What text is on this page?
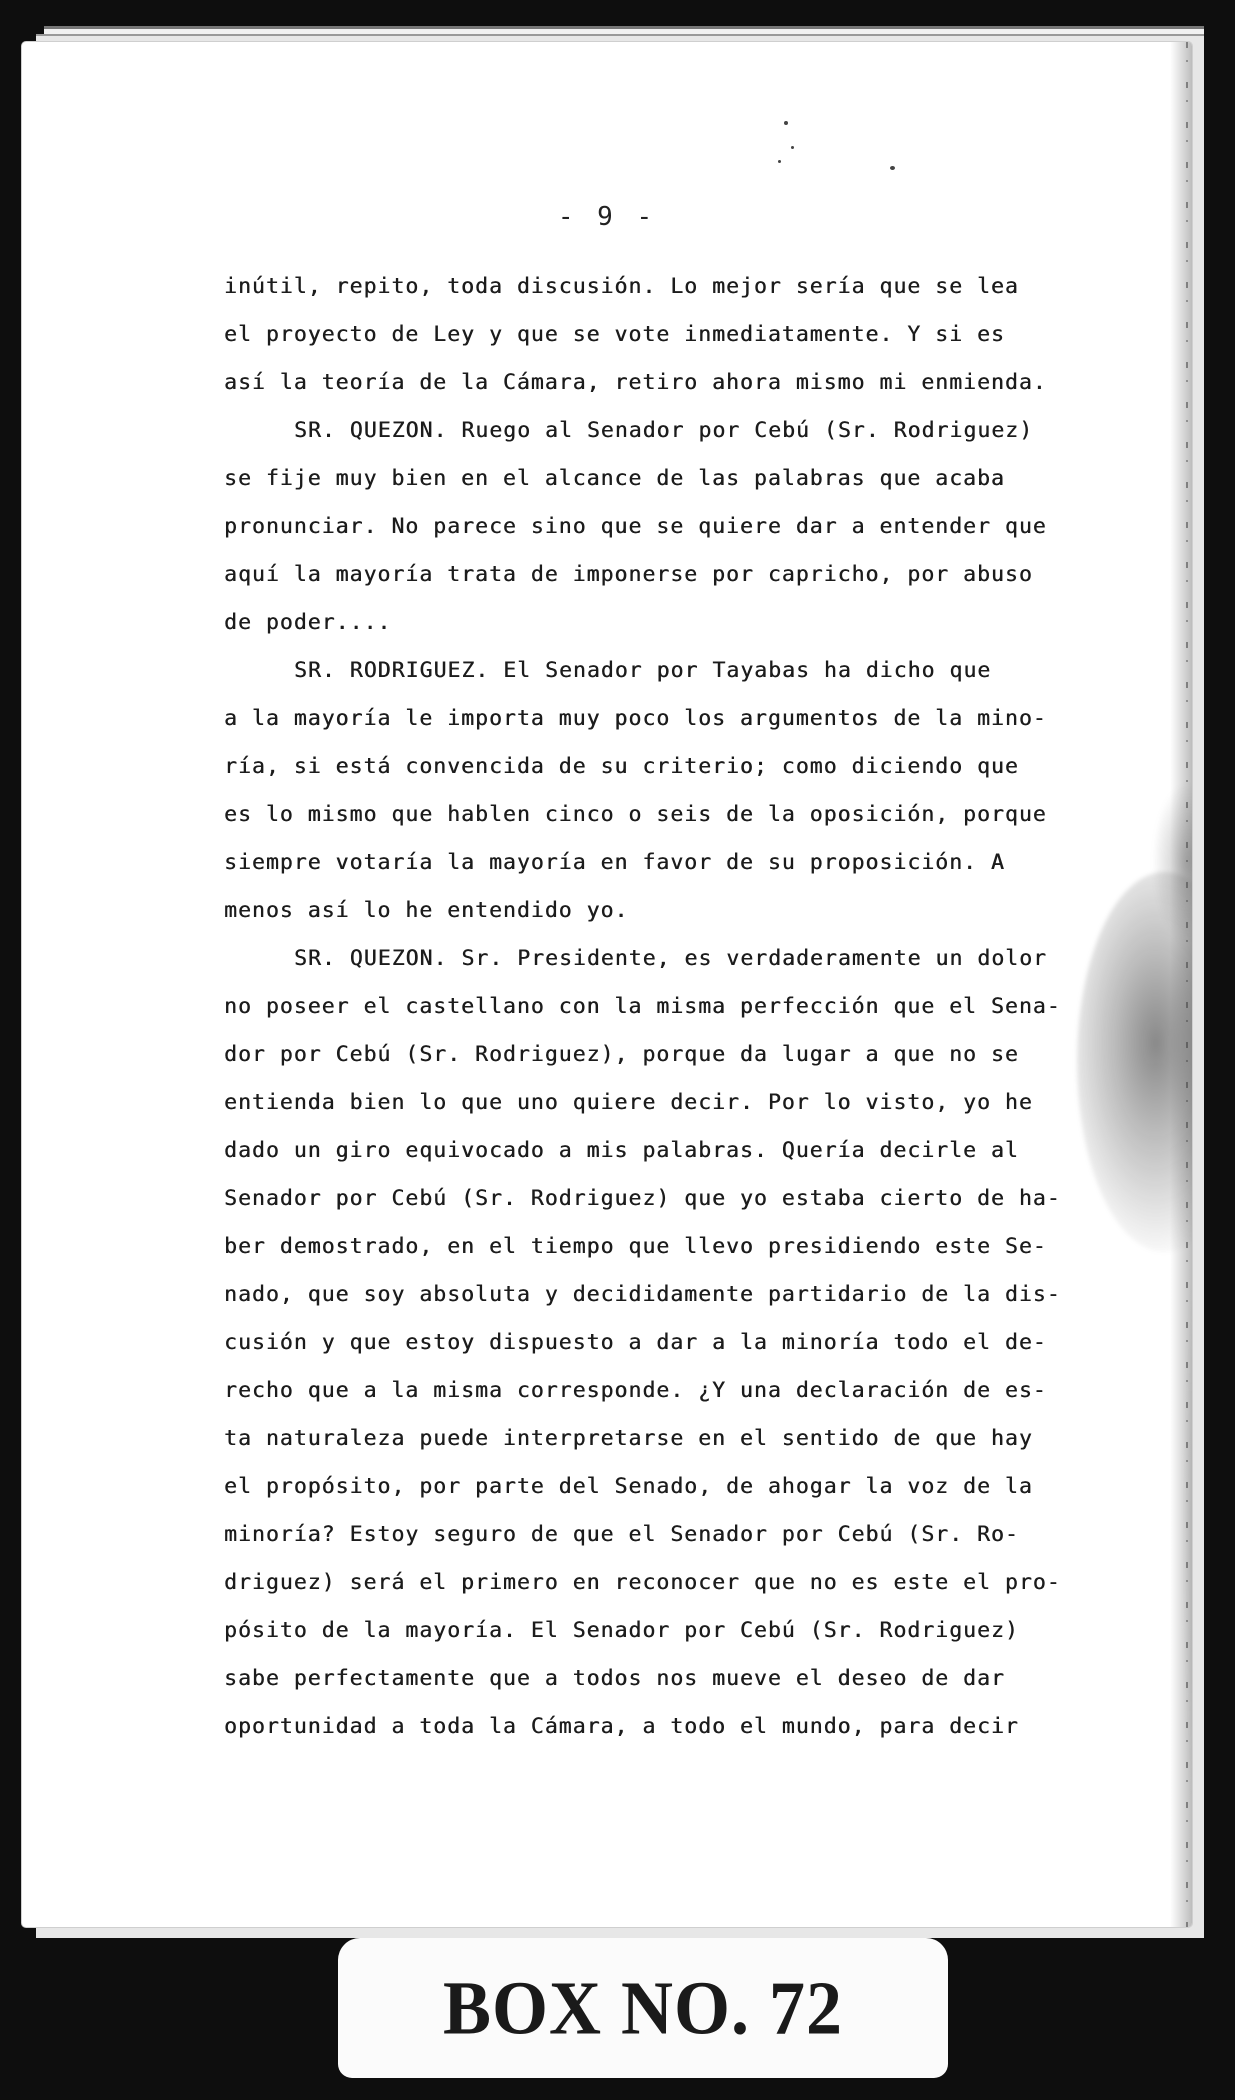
- 9 -
inútil, repito, toda discusión. Lo mejor sería que se lea
el proyecto de Ley y que se vote inmediatamente. Y si es
así la teoría de la Cámara, retiro ahora mismo mi enmienda.
SR. QUEZON. Ruego al Senador por Cebú (Sr. Rodriguez)
se fije muy bien en el alcance de las palabras que acaba
pronunciar. No parece sino que se quiere dar a entender que
aquí la mayoría trata de imponerse por capricho, por abuso
de poder....
SR. RODRIGUEZ. El Senador por Tayabas ha dicho que
a la mayoría le importa muy poco los argumentos de la mino-
ría, si está convencida de su criterio; como diciendo que
es lo mismo que hablen cinco o seis de la oposición, porque
siempre votaría la mayoría en favor de su proposición. A
menos así lo he entendido yo.
SR. QUEZON. Sr. Presidente, es verdaderamente un dolor
no poseer el castellano con la misma perfección que el Sena-
dor por Cebú (Sr. Rodriguez), porque da lugar a que no se
entienda bien lo que uno quiere decir. Por lo visto, yo he
dado un giro equivocado a mis palabras. Quería decirle al
Senador por Cebú (Sr. Rodriguez) que yo estaba cierto de ha-
ber demostrado, en el tiempo que llevo presidiendo este Se-
nado, que soy absoluta y decididamente partidario de la dis-
cusión y que estoy dispuesto a dar a la minoría todo el de-
recho que a la misma corresponde. ¿Y una declaración de es-
ta naturaleza puede interpretarse en el sentido de que hay
el propósito, por parte del Senado, de ahogar la voz de la
minoría? Estoy seguro de que el Senador por Cebú (Sr. Ro-
driguez) será el primero en reconocer que no es este el pro-
pósito de la mayoría. El Senador por Cebú (Sr. Rodriguez)
sabe perfectamente que a todos nos mueve el deseo de dar
oportunidad a toda la Cámara, a todo el mundo, para decir
BOX NO. 72
